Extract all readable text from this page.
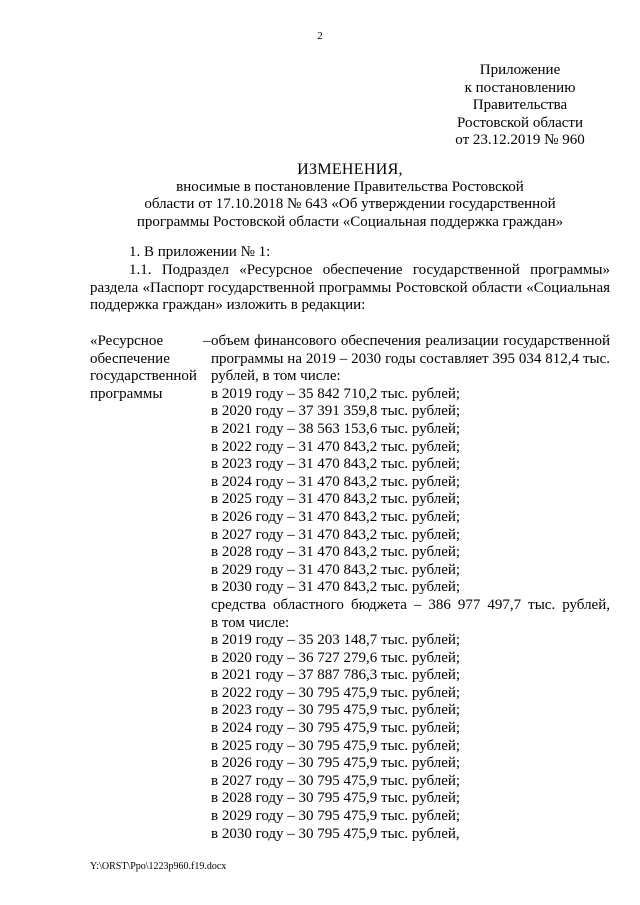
2
Приложение
к постановлению
Правительства
Ростовской области
от 23.12.2019 № 960
ИЗМЕНЕНИЯ,
вносимые в постановление Правительства Ростовской
области от 17.10.2018 № 643 «Об утверждении государственной
программы Ростовской области «Социальная поддержка граждан»
1. В приложении № 1:
1.1. Подраздел «Ресурсное обеспечение государственной программы» раздела «Паспорт государственной программы Ростовской области «Социальная поддержка граждан» изложить в редакции:
«Ресурсное обеспечение государственной программы
– объем финансового обеспечения реализации государственной
программы на 2019 – 2030 годы составляет 395 034 812,4 тыс.
рублей, в том числе:
в 2019 году – 35 842 710,2 тыс. рублей;
в 2020 году – 37 391 359,8 тыс. рублей;
в 2021 году – 38 563 153,6 тыс. рублей;
в 2022 году – 31 470 843,2 тыс. рублей;
в 2023 году – 31 470 843,2 тыс. рублей;
в 2024 году – 31 470 843,2 тыс. рублей;
в 2025 году – 31 470 843,2 тыс. рублей;
в 2026 году – 31 470 843,2 тыс. рублей;
в 2027 году – 31 470 843,2 тыс. рублей;
в 2028 году – 31 470 843,2 тыс. рублей;
в 2029 году – 31 470 843,2 тыс. рублей;
в 2030 году – 31 470 843,2 тыс. рублей;
средства областного бюджета – 386 977 497,7 тыс. рублей,
в том числе:
в 2019 году – 35 203 148,7 тыс. рублей;
в 2020 году – 36 727 279,6 тыс. рублей;
в 2021 году – 37 887 786,3 тыс. рублей;
в 2022 году – 30 795 475,9 тыс. рублей;
в 2023 году – 30 795 475,9 тыс. рублей;
в 2024 году – 30 795 475,9 тыс. рублей;
в 2025 году – 30 795 475,9 тыс. рублей;
в 2026 году – 30 795 475,9 тыс. рублей;
в 2027 году – 30 795 475,9 тыс. рублей;
в 2028 году – 30 795 475,9 тыс. рублей;
в 2029 году – 30 795 475,9 тыс. рублей;
в 2030 году – 30 795 475,9 тыс. рублей,
Y:\ORST\Ppo\1223p960.f19.docx
